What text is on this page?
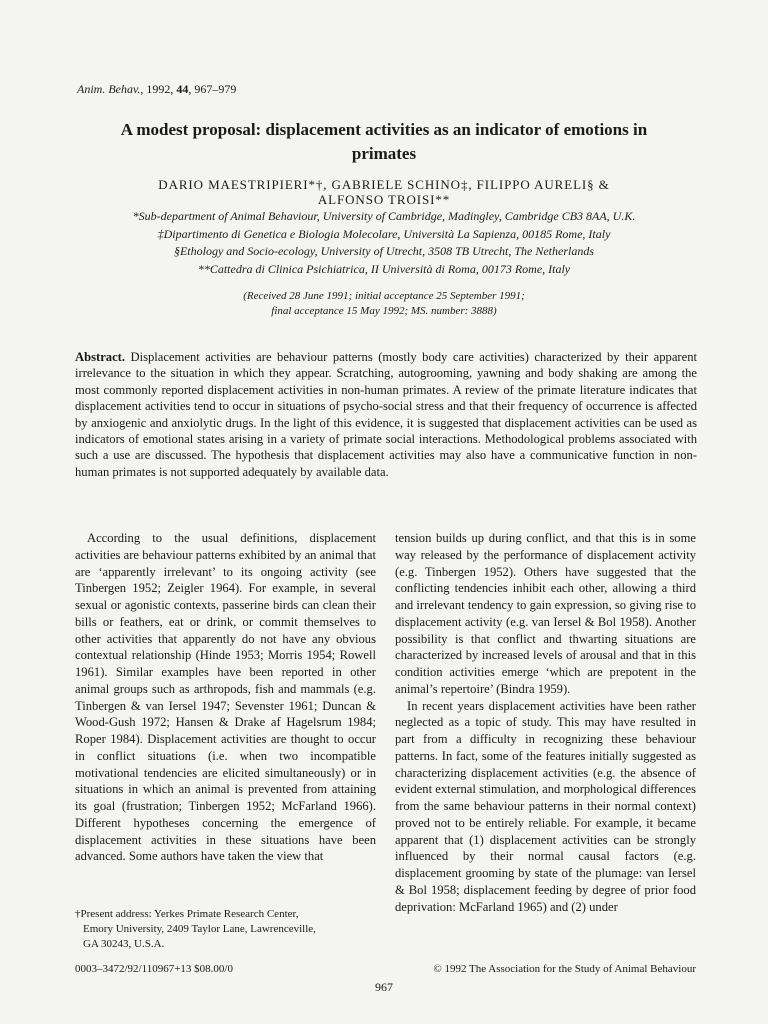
Anim. Behav., 1992, 44, 967–979
A modest proposal: displacement activities as an indicator of emotions in
primates
DARIO MAESTRIPIERI*†, GABRIELE SCHINO‡, FILIPPO AURELI§ &
ALFONSO TROISI**
*Sub-department of Animal Behaviour, University of Cambridge, Madingley, Cambridge CB3 8AA, U.K.
‡Dipartimento di Genetica e Biologia Molecolare, Università La Sapienza, 00185 Rome, Italy
§Ethology and Socio-ecology, University of Utrecht, 3508 TB Utrecht, The Netherlands
**Cattedra di Clinica Psichiatrica, II Università di Roma, 00173 Rome, Italy
(Received 28 June 1991; initial acceptance 25 September 1991;
final acceptance 15 May 1992; MS. number: 3888)

Abstract. Displacement activities are behaviour patterns (mostly body care activities) characterized by their apparent irrelevance to the situation in which they appear. Scratching, autogrooming, yawning and body shaking are among the most commonly reported displacement activities in non-human primates. A review of the primate literature indicates that displacement activities tend to occur in situations of psycho-social stress and that their frequency of occurrence is affected by anxiogenic and anxiolytic drugs. In the light of this evidence, it is suggested that displacement activities can be used as indicators of emotional states arising in a variety of primate social interactions. Methodological problems associated with such a use are discussed. The hypothesis that displacement activities may also have a communicative function in non-human primates is not supported adequately by available data.

According to the usual definitions, displacement activities are behaviour patterns exhibited by an animal that are ‘apparently irrelevant’ to its ongoing activity (see Tinbergen 1952; Zeigler 1964). For example, in several sexual or agonistic contexts, passerine birds can clean their bills or feathers, eat or drink, or commit themselves to other activities that apparently do not have any obvious contextual relationship (Hinde 1953; Morris 1954; Rowell 1961). Similar examples have been reported in other animal groups such as arthropods, fish and mammals (e.g. Tinbergen & van Iersel 1947; Sevenster 1961; Duncan & Wood-Gush 1972; Hansen & Drake af Hagelsrum 1984; Roper 1984). Displacement activities are thought to occur in conflict situations (i.e. when two incompatible motivational tendencies are elicited simultaneously) or in situations in which an animal is prevented from attaining its goal (frustration; Tinbergen 1952; McFarland 1966). Different hypotheses concerning the emergence of displacement activities in these situations have been advanced. Some authors have taken the view that

tension builds up during conflict, and that this is in some way released by the performance of displacement activity (e.g. Tinbergen 1952). Others have suggested that the conflicting tendencies inhibit each other, allowing a third and irrelevant tendency to gain expression, so giving rise to displacement activity (e.g. van Iersel & Bol 1958). Another possibility is that conflict and thwarting situations are characterized by increased levels of arousal and that in this condition activities emerge ‘which are prepotent in the animal’s repertoire’ (Bindra 1959).

In recent years displacement activities have been rather neglected as a topic of study. This may have resulted in part from a difficulty in recognizing these behaviour patterns. In fact, some of the features initially suggested as characterizing displacement activities (e.g. the absence of evident external stimulation, and morphological differences from the same behaviour patterns in their normal context) proved not to be entirely reliable. For example, it became apparent that (1) displacement activities can be strongly influenced by their normal causal factors (e.g. displacement grooming by state of the plumage: van Iersel & Bol 1958; displacement feeding by degree of prior food deprivation: McFarland 1965) and (2) under

†Present address: Yerkes Primate Research Center,
Emory University, 2409 Taylor Lane, Lawrenceville,
GA 30243, U.S.A.
0003–3472/92/110967+13 $08.00/0	© 1992 The Association for the Study of Animal Behaviour
967
